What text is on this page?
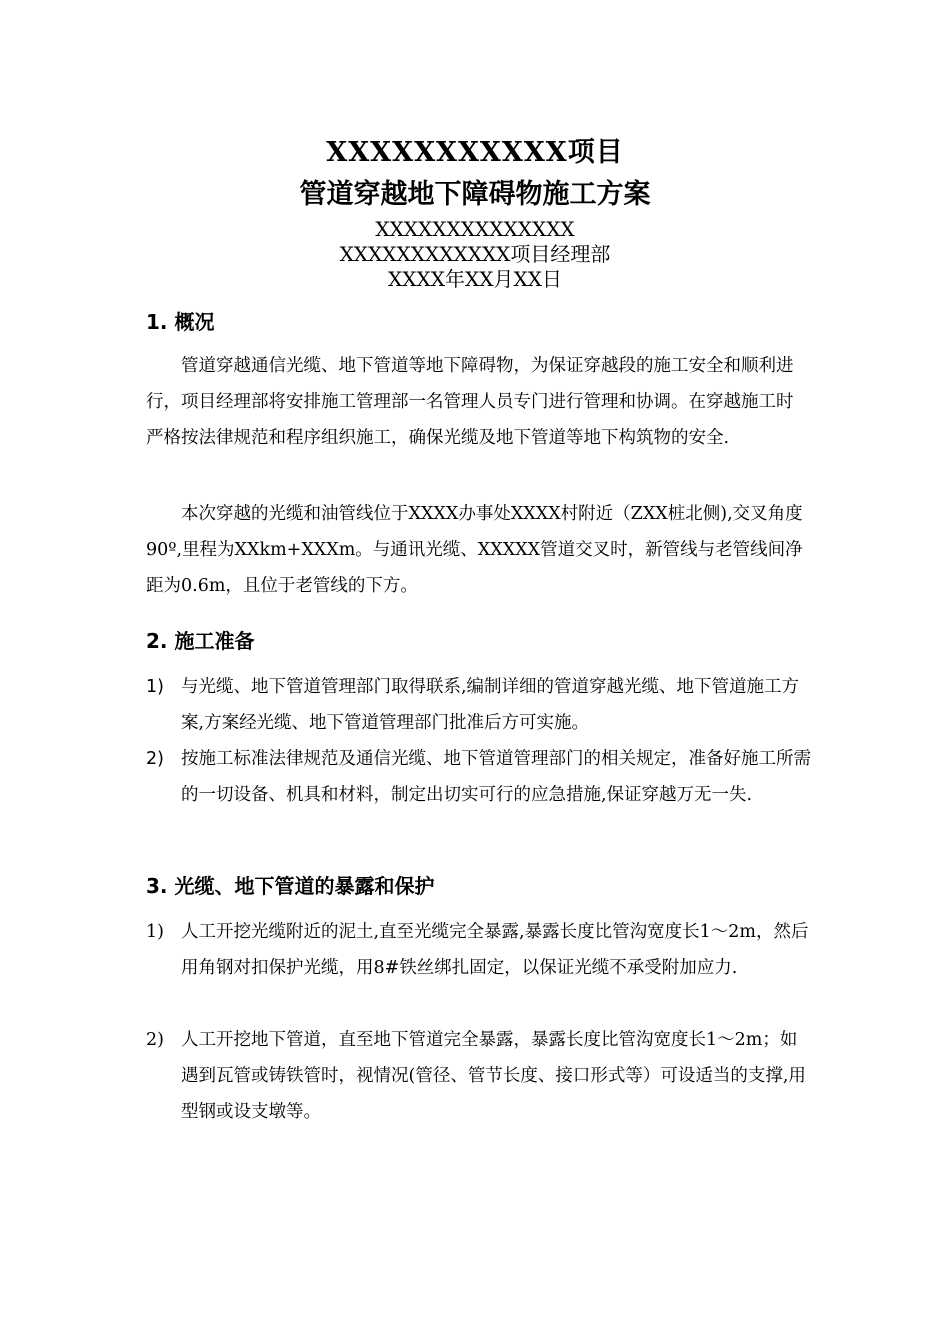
XXXXXXXXXXX项目
管道穿越地下障碍物施工方案
XXXXXXXXXXXXXX
XXXXXXXXXXXX项目经理部
XXXX年XX月XX日
1. 概况

管道穿越通信光缆、地下管道等地下障碍物，为保证穿越段的施工安全和顺利进行，项目经理部将安排施工管理部一名管理人员专门进行管理和协调。在穿越施工时严格按法律规范和程序组织施工，确保光缆及地下管道等地下构筑物的安全.

本次穿越的光缆和油管线位于XXXX办事处XXXX村附近（ZXX桩北侧),交叉角度90º,里程为XXkm+XXXm。与通讯光缆、XXXXX管道交叉时，新管线与老管线间净距为0.6m，且位于老管线的下方。

2. 施工准备
1) 与光缆、地下管道管理部门取得联系,编制详细的管道穿越光缆、地下管道施工方案,方案经光缆、地下管道管理部门批准后方可实施。
2) 按施工标准法律规范及通信光缆、地下管道管理部门的相关规定，准备好施工所需的一切设备、机具和材料，制定出切实可行的应急措施,保证穿越万无一失.
3. 光缆、地下管道的暴露和保护
1) 人工开挖光缆附近的泥土,直至光缆完全暴露,暴露长度比管沟宽度长1～2m，然后用角钢对扣保护光缆，用8#铁丝绑扎固定，以保证光缆不承受附加应力.
2) 人工开挖地下管道，直至地下管道完全暴露，暴露长度比管沟宽度长1～2m；如遇到瓦管或铸铁管时，视情况(管径、管节长度、接口形式等）可设适当的支撑,用型钢或设支墩等。
